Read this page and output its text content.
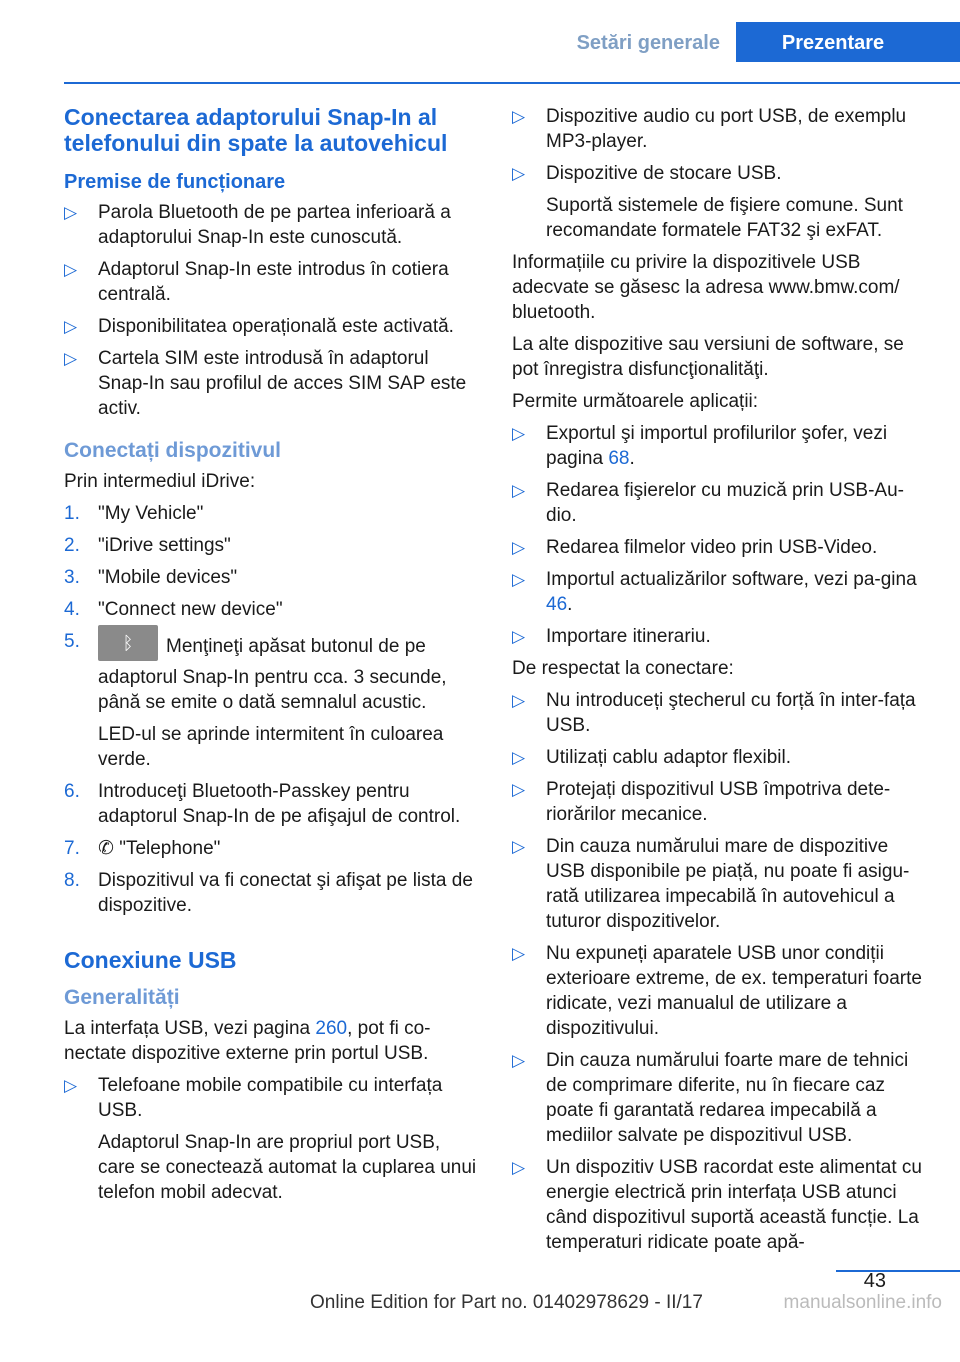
Setări generale	Prezentare
Conectarea adaptorului Snap-In al telefonului din spate la autovehicul
Premise de funcționare
▷ Parola Bluetooth de pe partea inferioară a adaptorului Snap-In este cunoscută.
▷ Adaptorul Snap-In este introdus în cotiera centrală.
▷ Disponibilitatea operațională este activată.
▷ Cartela SIM este introdusă în adaptorul Snap-In sau profilul de acces SIM SAP este activ.
Conectați dispozitivul

Prin intermediul iDrive:

1. "My Vehicle"
2. "iDrive settings"
3. "Mobile devices"
4. "Connect new device"
5. ᛒ Menţineţi apăsat butonul de pe adaptorul Snap-In pentru cca. 3 secunde, până se emite o dată semnalul acustic.
LED-ul se aprinde intermitent în culoarea verde.
6. Introduceţi Bluetooth-Passkey pentru adaptorul Snap-In de pe afişajul de control.
7. ✆ "Telephone"
8. Dispozitivul va fi conectat şi afişat pe lista de dispozitive.
Conexiune USB
Generalități

La interfața USB, vezi pagina 260, pot fi co‐nectate dispozitive externe prin portul USB.

▷ Telefoane mobile compatibile cu interfața USB.
Adaptorul Snap-In are propriul port USB, care se conectează automat la cuplarea unui telefon mobil adecvat.
▷ Dispozitive audio cu port USB, de exemplu MP3-player.
▷ Dispozitive de stocare USB.
Suportă sistemele de fişiere comune. Sunt recomandate formatele FAT32 şi exFAT.

Informațiile cu privire la dispozitivele USB adecvate se găsesc la adresa www.bmw.com/ bluetooth.

La alte dispozitive sau versiuni de software, se pot înregistra disfuncţionalităţi.

Permite următoarele aplicații:

▷ Exportul şi importul profilurilor şofer, vezi pagina 68.
▷ Redarea fişierelor cu muzică prin USB-Au‐dio.
▷ Redarea filmelor video prin USB-Video.
▷ Importul actualizărilor software, vezi pa‐gina 46.
▷ Importare itinerariu.

De respectat la conectare:

▷ Nu introduceți ştecherul cu forță în inter‐fața USB.
▷ Utilizați cablu adaptor flexibil.
▷ Protejați dispozitivul USB împotriva dete‐riorărilor mecanice.
▷ Din cauza numărului mare de dispozitive USB disponibile pe piață, nu poate fi asigu‐rată utilizarea impecabilă în autovehicul a tuturor dispozitivelor.
▷ Nu expuneți aparatele USB unor condiții exterioare extreme, de ex. temperaturi foarte ridicate, vezi manualul de utilizare a dispozitivului.
▷ Din cauza numărului foarte mare de tehnici de comprimare diferite, nu în fiecare caz poate fi garantată redarea impecabilă a mediilor salvate pe dispozitivul USB.
▷ Un dispozitiv USB racordat este alimentat cu energie electrică prin interfața USB atunci când dispozitivul suportă această funcție. La temperaturi ridicate poate apă‐
43
Online Edition for Part no. 01402978629 - II/17	manualsonline.info
